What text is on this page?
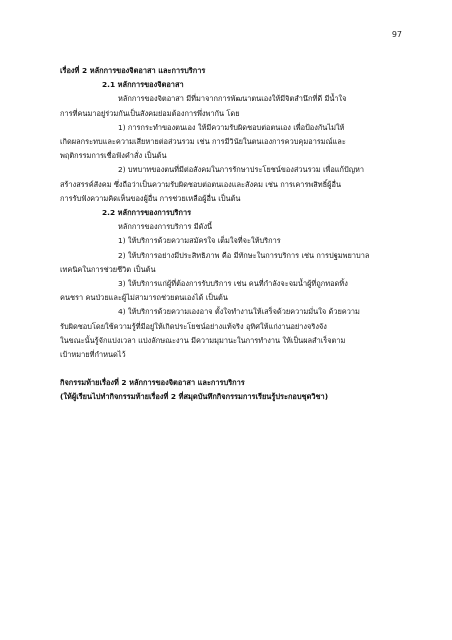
97
เรื่องที่ 2 หลักการของจิตอาสา และการบริการ
2.1 หลักการของจิตอาสา
หลักการของจิตอาสา มีที่มาจากการพัฒนาตนเองให้มีจิตสำนึกที่ดี มีน้ำใจ
การที่คนมาอยู่ร่วมกันเป็นสังคมย่อมต้องการพึ่งพากัน โดย
1) การกระทำของตนเอง ให้มีความรับผิดชอบต่อตนเอง เพื่อป้องกันไม่ให้
เกิดผลกระทบและความเสียหายต่อส่วนรวม เช่น การมีวินัยในตนเองการควบคุมอารมณ์และ
พฤติกรรมการเชื่อฟังคำสั่ง เป็นต้น
2) บทบาทของตนที่มีต่อสังคมในการรักษาประโยชน์ของส่วนรวม เพื่อแก้ปัญหา
สร้างสรรค์สังคม ซึ่งถือว่าเป็นความรับผิดชอบต่อตนเองและสังคม เช่น การเคารพสิทธิ์ผู้อื่น
การรับฟังความคิดเห็นของผู้อื่น การช่วยเหลือผู้อื่น เป็นต้น
2.2 หลักการของการบริการ
หลักการของการบริการ มีดังนี้
1) ให้บริการด้วยความสมัครใจ เต็มใจที่จะให้บริการ
2) ให้บริการอย่างมีประสิทธิภาพ คือ มีทักษะในการบริการ เช่น การปฐมพยาบาล
เทคนิคในการช่วยชีวิต เป็นต้น
3) ให้บริการแก่ผู้ที่ต้องการรับบริการ เช่น คนที่กำลังจะจมน้ำผู้ที่ถูกทอดทิ้ง
คนชรา คนป่วยและผู้ไม่สามารถช่วยตนเองได้ เป็นต้น
4) ให้บริการด้วยความเองอาจ ตั้งใจทำงานให้เสร็จด้วยความมั่นใจ ด้วยความ
รับผิดชอบโดยใช้ความรู้ที่มีอยู่ให้เกิดประโยชน์อย่างแท้จริง อุทิศให้แก่งานอย่างจริงจัง
ในขณะนั้นรู้จักแบ่งเวลา แบ่งลักษณะงาน มีความมุมานะในการทำงาน ให้เป็นผลสำเร็จตาม
เป้าหมายที่กำหนดไว้
กิจกรรมท้ายเรื่องที่ 2 หลักการของจิตอาสา และการบริการ
(ให้ผู้เรียนไปทำกิจกรรมท้ายเรื่องที่ 2 ที่สมุดบันทึกกิจกรรมการเรียนรู้ประกอบชุดวิชา)
